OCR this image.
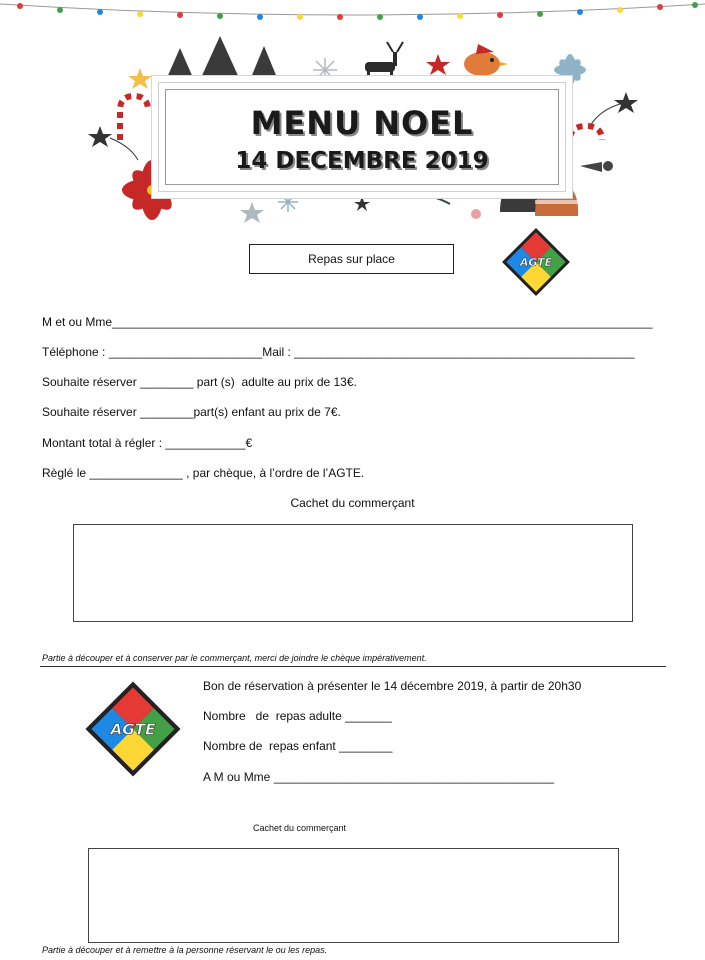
MENU NOEL
14 DECEMBRE 2019
Repas sur place	AGTE
M et ou Mme_________________________________________________________________________________
Téléphone : _______________________Mail : ___________________________________________________
Souhaite réserver ________ part (s)  adulte au prix de 13€.
Souhaite réserver ________part(s) enfant au prix de 7€.
Montant total à régler : ____________€
Règlé le ______________ , par chèque, à l’ordre de l’AGTE.
Cachet du commerçant
Partie à découper et à conserver par le commerçant, merci de joindre le chèque impérativement.
AGTE
Bon de réservation à présenter le 14 décembre 2019, à partir de 20h30
Nombre   de  repas adulte _______
Nombre de  repas enfant ________
A M ou Mme __________________________________________
Cachet du commerçant
Partie à découper et à remettre à la personne réservant le ou les repas.
